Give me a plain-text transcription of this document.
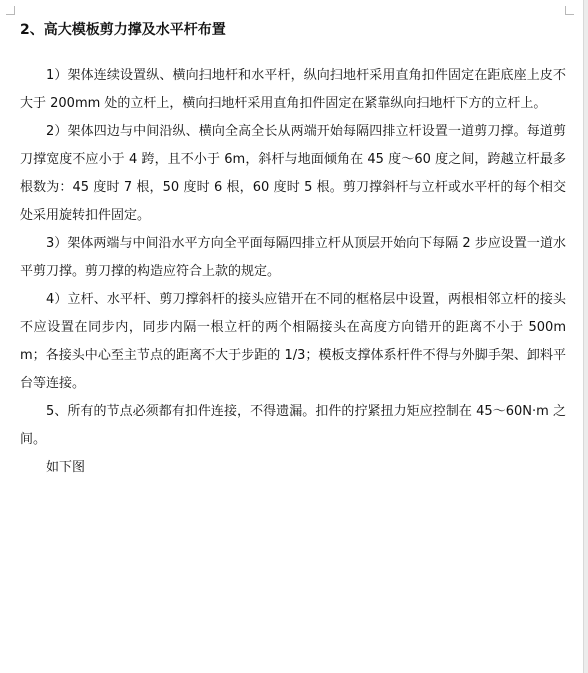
2、高大模板剪力撑及水平杆布置

1）架体连续设置纵、横向扫地杆和水平杆，纵向扫地杆采用直角扣件固定在距底座上皮不大于 200mm 处的立杆上，横向扫地杆采用直角扣件固定在紧靠纵向扫地杆下方的立杆上。

2）架体四边与中间沿纵、横向全高全长从两端开始每隔四排立杆设置一道剪刀撑。每道剪刀撑宽度不应小于 4 跨，且不小于 6m，斜杆与地面倾角在 45 度～60 度之间，跨越立杆最多根数为：45 度时 7 根，50 度时 6 根，60 度时 5 根。剪刀撑斜杆与立杆或水平杆的每个相交处采用旋转扣件固定。

3）架体两端与中间沿水平方向全平面每隔四排立杆从顶层开始向下每隔 2 步应设置一道水平剪刀撑。剪刀撑的构造应符合上款的规定。

4）立杆、水平杆、剪刀撑斜杆的接头应错开在不同的框格层中设置，两根相邻立杆的接头不应设置在同步内，同步内隔一根立杆的两个相隔接头在高度方向错开的距离不小于 500mm；各接头中心至主节点的距离不大于步距的 1/3；模板支撑体系杆件不得与外脚手架、卸料平台等连接。

5、所有的节点必须都有扣件连接，不得遗漏。扣件的拧紧扭力矩应控制在 45～60N·m 之间。

如下图
